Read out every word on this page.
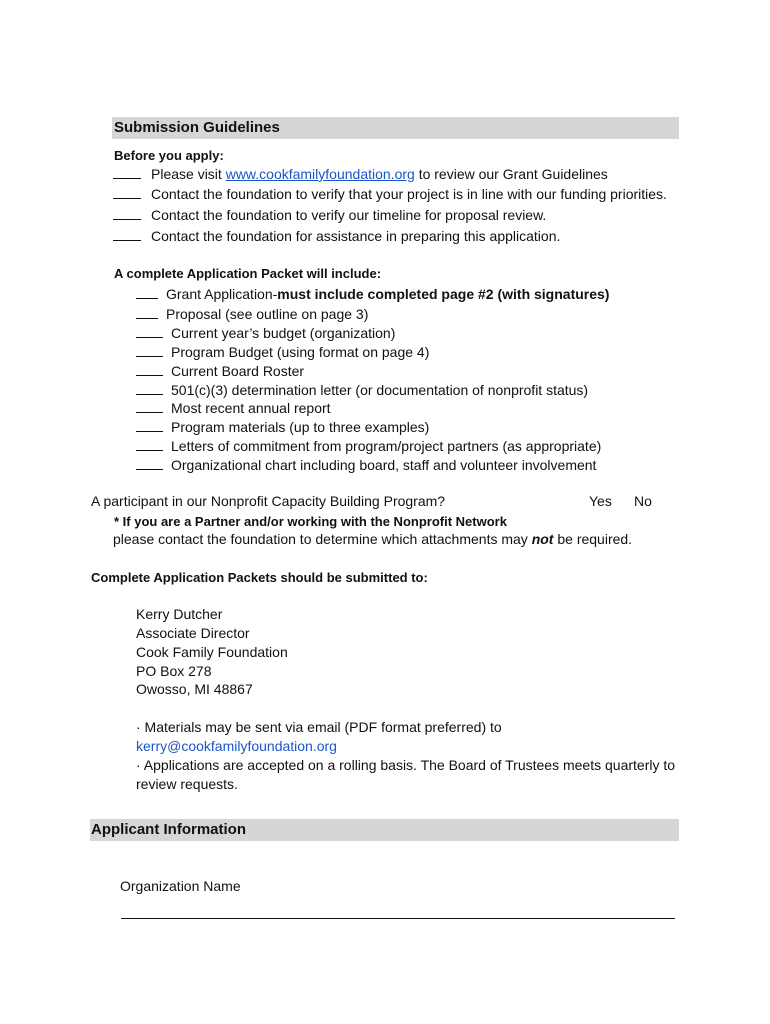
Submission Guidelines
Before you apply:
Please visit www.cookfamilyfoundation.org to review our Grant Guidelines
Contact the foundation to verify that your project is in line with our funding priorities.
Contact the foundation to verify our timeline for proposal review.
Contact the foundation for assistance in preparing this application.
A complete Application Packet will include:
Grant Application-must include completed page #2 (with signatures)
Proposal (see outline on page 3)
Current year’s budget (organization)
Program Budget (using format on page 4)
Current Board Roster
501(c)(3) determination letter (or documentation of nonprofit status)
Most recent annual report
Program materials (up to three examples)
Letters of commitment from program/project partners (as appropriate)
Organizational chart including board, staff and volunteer involvement
A participant in our Nonprofit Capacity Building Program?	Yes No
* If you are a Partner and/or working with the Nonprofit Network
please contact the foundation to determine which attachments may not be required.
Complete Application Packets should be submitted to:
Kerry Dutcher
Associate Director
Cook Family Foundation
PO Box 278
Owosso, MI 48867
· Materials may be sent via email (PDF format preferred) to
kerry@cookfamilyfoundation.org
· Applications are accepted on a rolling basis. The Board of Trustees meets quarterly to
review requests.
Applicant Information
Organization Name
